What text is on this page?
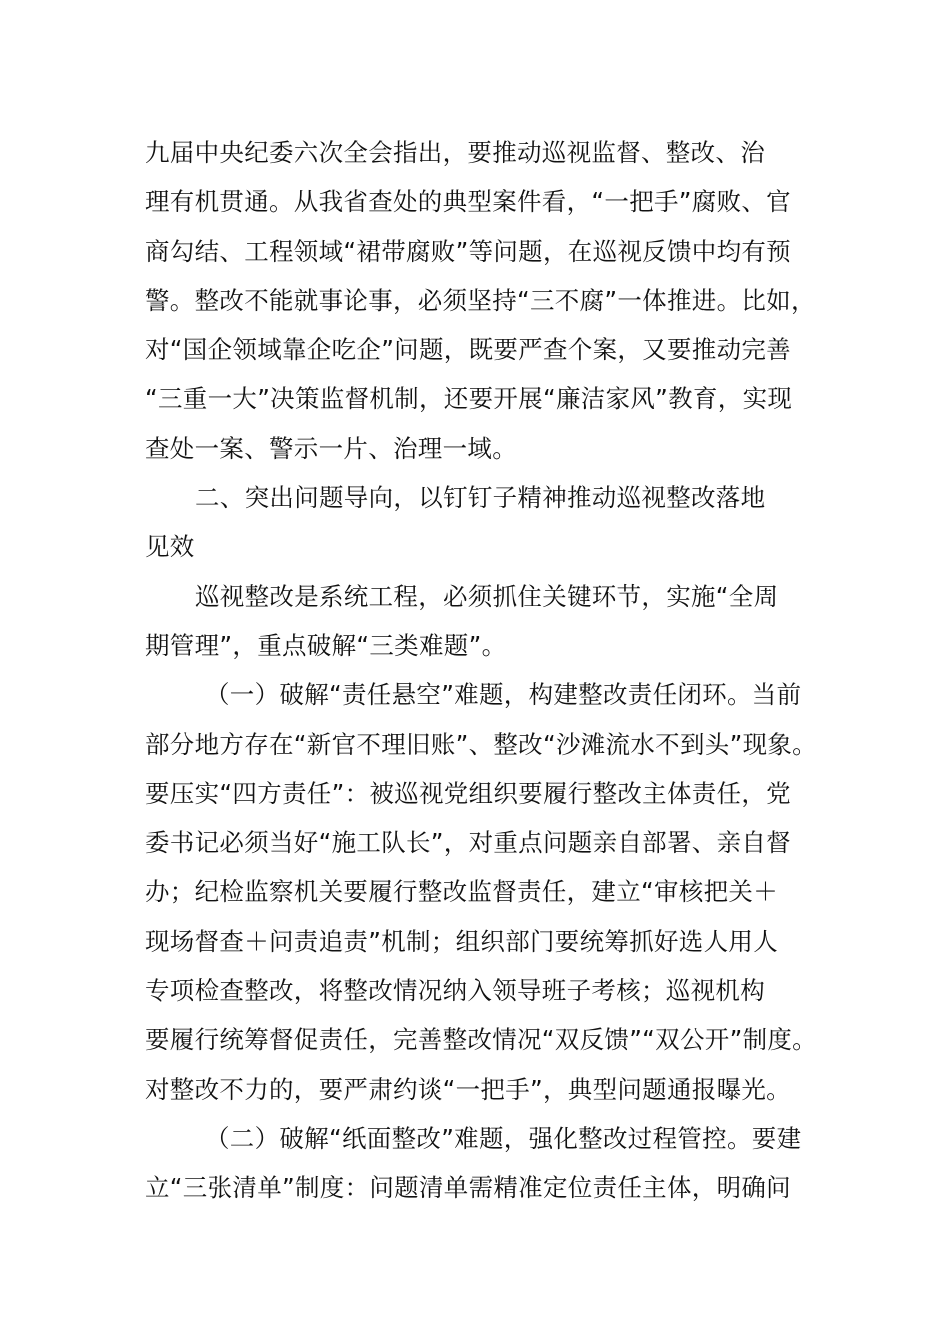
九届中央纪委六次全会指出，要推动巡视监督、整改、治
理有机贯通。从我省查处的典型案件看，“一把手”腐败、官
商勾结、工程领域“裙带腐败”等问题，在巡视反馈中均有预
警。整改不能就事论事，必须坚持“三不腐”一体推进。比如，
对“国企领域靠企吃企”问题，既要严查个案，又要推动完善
“三重一大”决策监督机制，还要开展“廉洁家风”教育，实现
查处一案、警示一片、治理一域。
二、突出问题导向，以钉钉子精神推动巡视整改落地
见效
巡视整改是系统工程，必须抓住关键环节，实施“全周
期管理”，重点破解“三类难题”。
（一）破解“责任悬空”难题，构建整改责任闭环。当前
部分地方存在“新官不理旧账”、整改“沙滩流水不到头”现象。
要压实“四方责任”：被巡视党组织要履行整改主体责任，党
委书记必须当好“施工队长”，对重点问题亲自部署、亲自督
办；纪检监察机关要履行整改监督责任，建立“审核把关＋
现场督查＋问责追责”机制；组织部门要统筹抓好选人用人
专项检查整改，将整改情况纳入领导班子考核；巡视机构
要履行统筹督促责任，完善整改情况“双反馈”“双公开”制度。
对整改不力的，要严肃约谈“一把手”，典型问题通报曝光。
（二）破解“纸面整改”难题，强化整改过程管控。要建
立“三张清单”制度：问题清单需精准定位责任主体，明确问
